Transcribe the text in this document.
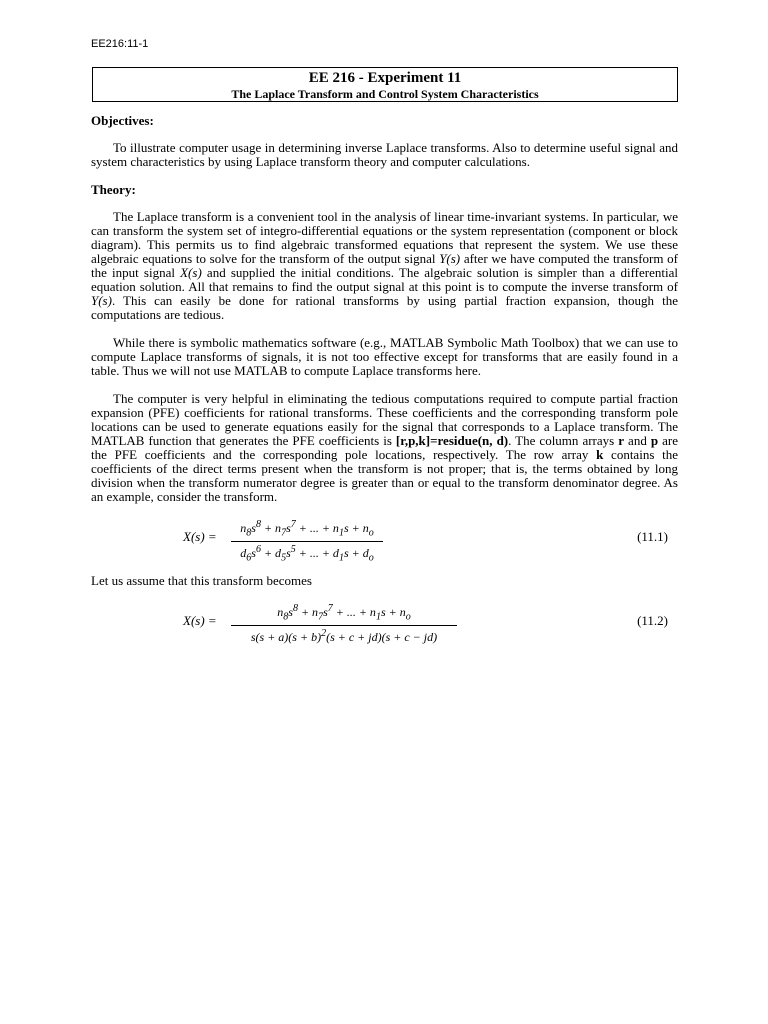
EE216:11-1
EE 216 - Experiment 11
The Laplace Transform and Control System Characteristics
Objectives:

To illustrate computer usage in determining inverse Laplace transforms. Also to determine useful signal and system characteristics by using Laplace transform theory and computer calculations.

Theory:

The Laplace transform is a convenient tool in the analysis of linear time-invariant systems. In particular, we can transform the system set of integro-differential equations or the system representation (component or block diagram). This permits us to find algebraic transformed equations that represent the system. We use these algebraic equations to solve for the transform of the output signal Y(s) after we have computed the transform of the input signal X(s) and supplied the initial conditions. The algebraic solution is simpler than a differential equation solution. All that remains to find the output signal at this point is to compute the inverse transform of Y(s). This can easily be done for rational transforms by using partial fraction expansion, though the computations are tedious.

While there is symbolic mathematics software (e.g., MATLAB Symbolic Math Toolbox) that we can use to compute Laplace transforms of signals, it is not too effective except for transforms that are easily found in a table. Thus we will not use MATLAB to compute Laplace transforms here.

The computer is very helpful in eliminating the tedious computations required to compute partial fraction expansion (PFE) coefficients for rational transforms. These coefficients and the corresponding transform pole locations can be used to generate equations easily for the signal that corresponds to a Laplace transform. The MATLAB function that generates the PFE coefficients is [r,p,k]=residue(n, d). The column arrays r and p are the PFE coefficients and the corresponding pole locations, respectively. The row array k contains the coefficients of the direct terms present when the transform is not proper; that is, the terms obtained by long division when the transform numerator degree is greater than or equal to the transform denominator degree. As an example, consider the transform.

$X(s) = \frac{n_8s^8 + n_7s^7 + ... + n_1s + n_o}{d_6s^6 + d_5s^5 + ... + d_1s + d_o}$	(11.1)

Let us assume that this transform becomes

$X(s) = \frac{n_8s^8 + n_7s^7 + ... + n_1s + n_o}{s(s + a)(s + b)^2(s + c + jd)(s + c - jd)}$	(11.2)
